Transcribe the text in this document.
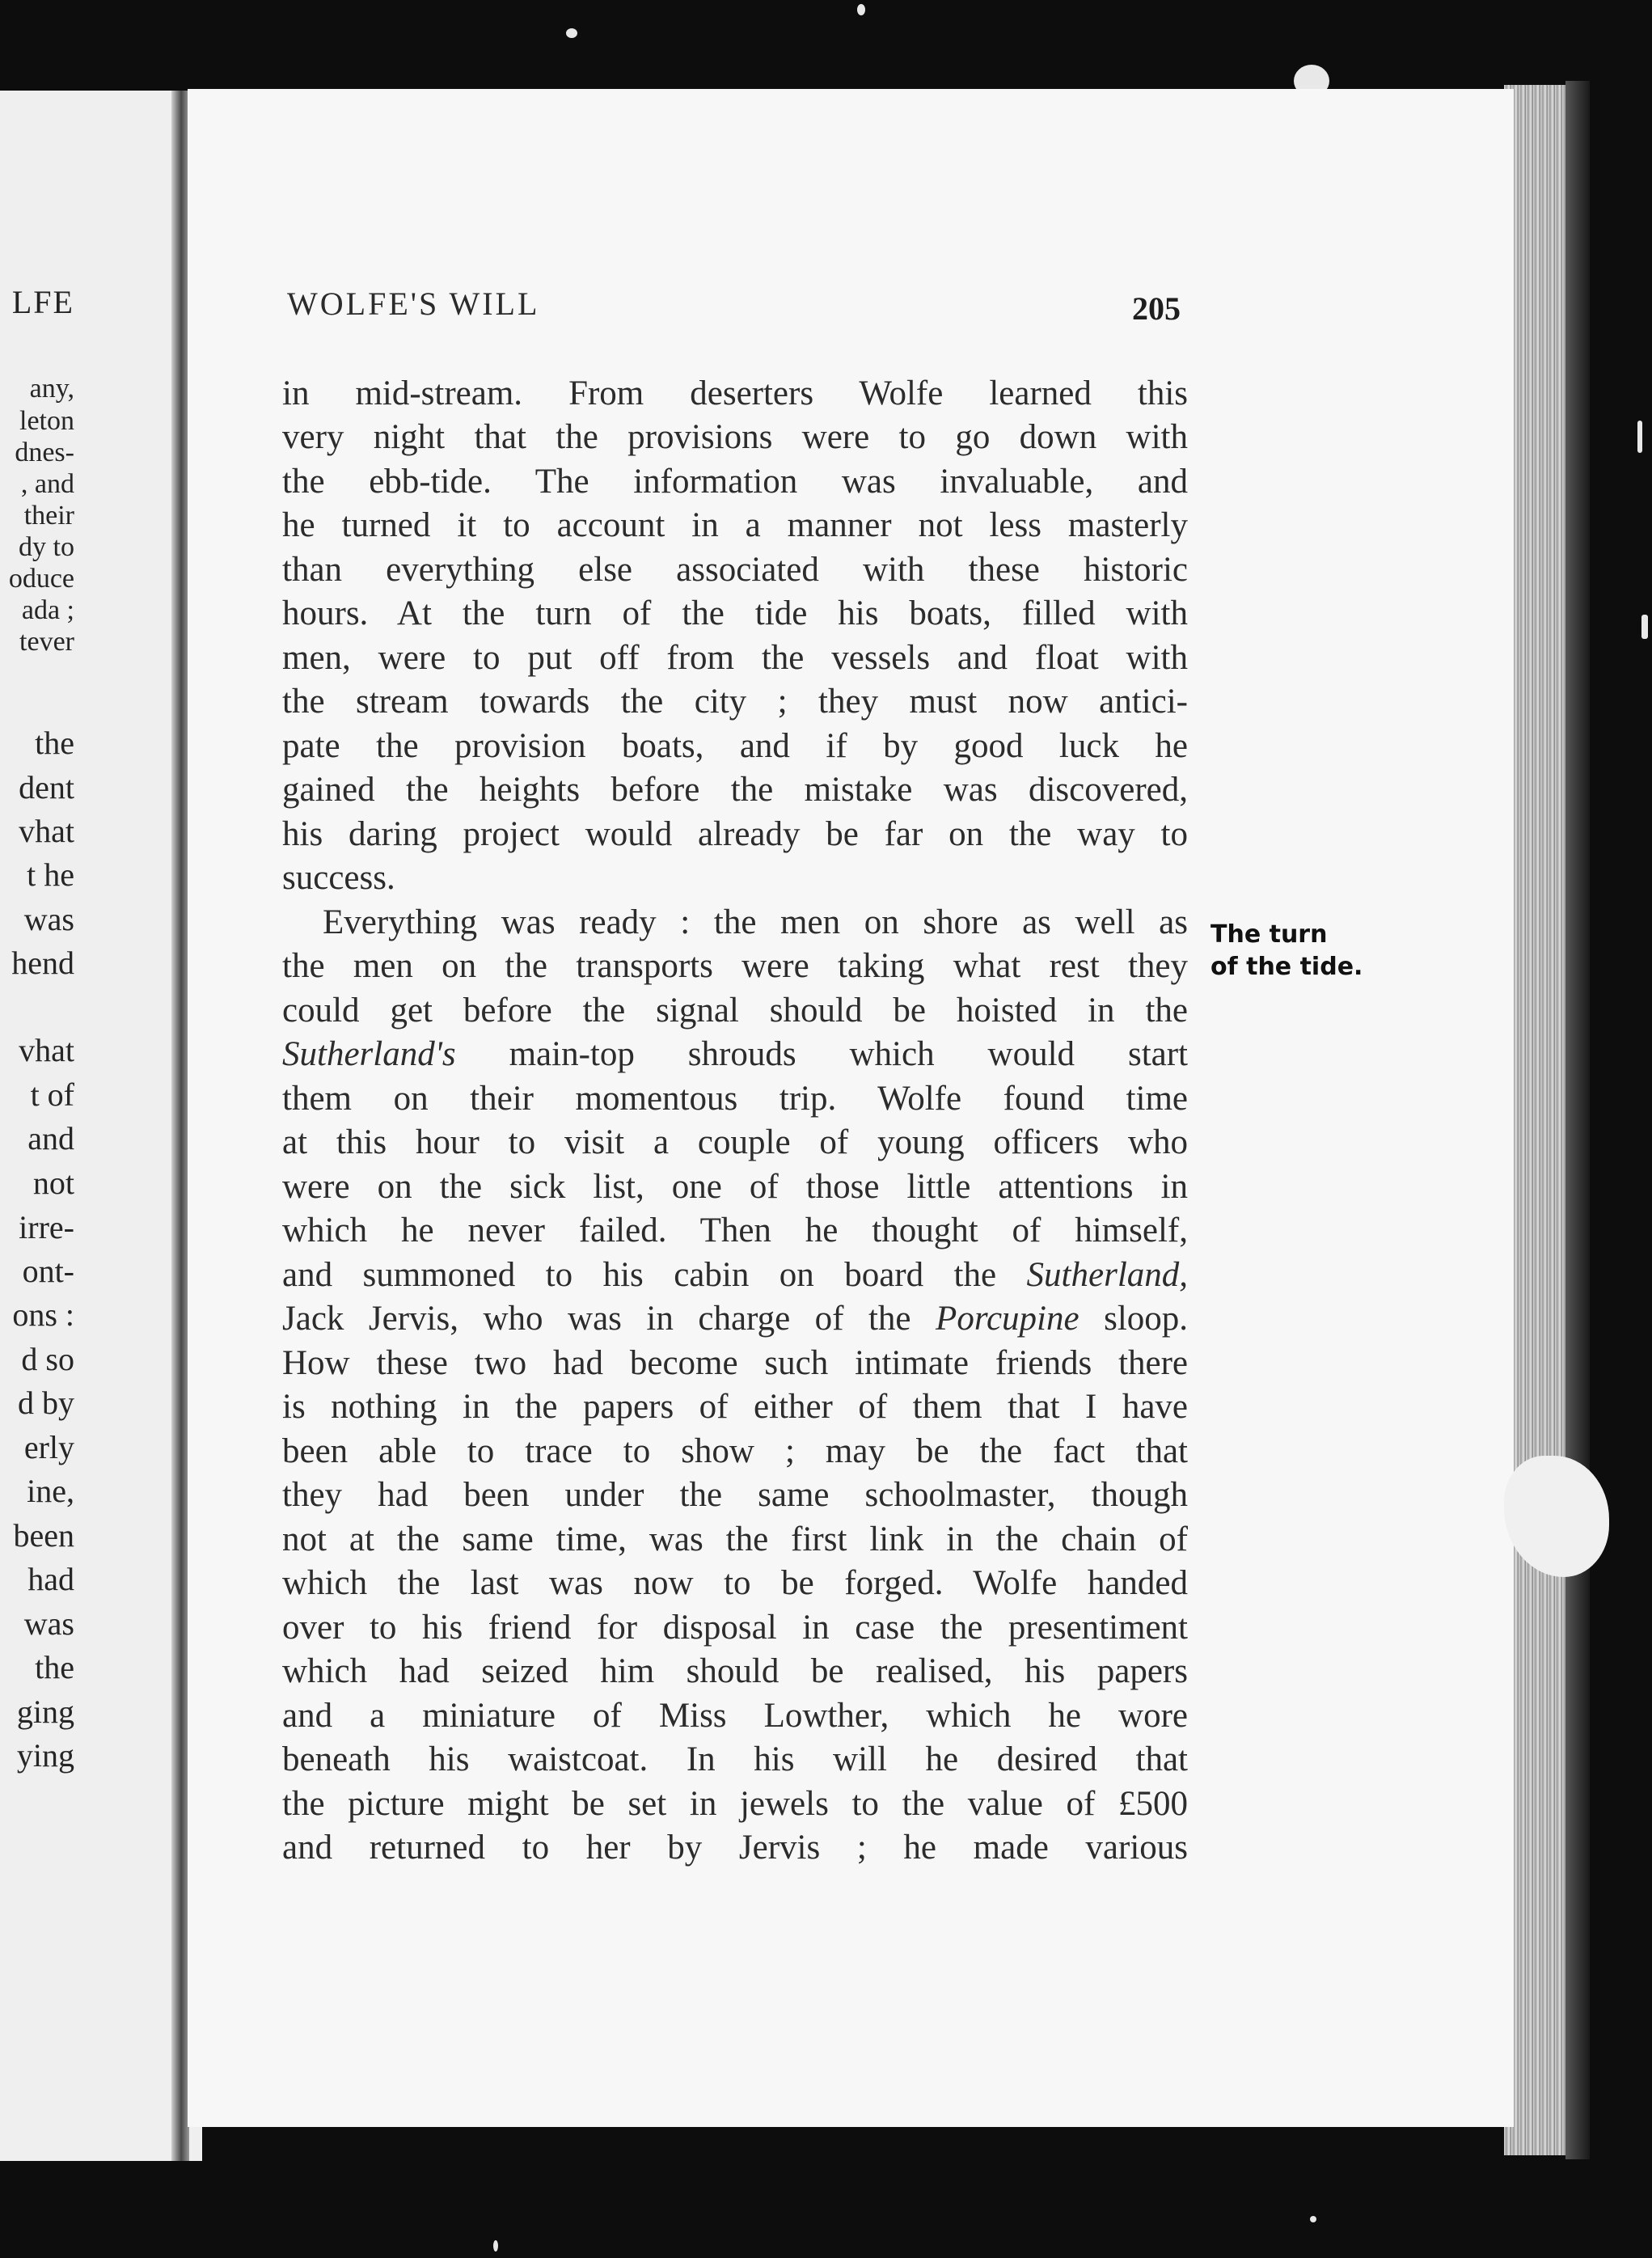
LFE
any,
leton
dnes-
, and
their
dy to
oduce
ada ;
tever
the
dent
vhat
t he
was
hend
vhat
t of
and
not
irre-
ont-
ons :
d so
d by
erly
ine,
been
had
was
the
ging
ying
WOLFE'S WILL	205
in mid-stream. From deserters Wolfe learned this
very night that the provisions were to go down with
the ebb-tide. The information was invaluable, and
he turned it to account in a manner not less masterly
than everything else associated with these historic
hours. At the turn of the tide his boats, filled with
men, were to put off from the vessels and float with
the stream towards the city ; they must now antici-
pate the provision boats, and if by good luck he
gained the heights before the mistake was discovered,
his daring project would already be far on the way to
success.
Everything was ready : the men on shore as well as
the men on the transports were taking what rest they
could get before the signal should be hoisted in the
Sutherland's main-top shrouds which would start
them on their momentous trip. Wolfe found time
at this hour to visit a couple of young officers who
were on the sick list, one of those little attentions in
which he never failed. Then he thought of himself,
and summoned to his cabin on board the Sutherland,
Jack Jervis, who was in charge of the Porcupine sloop.
How these two had become such intimate friends there
is nothing in the papers of either of them that I have
been able to trace to show ; may be the fact that
they had been under the same schoolmaster, though
not at the same time, was the first link in the chain of
which the last was now to be forged. Wolfe handed
over to his friend for disposal in case the presentiment
which had seized him should be realised, his papers
and a miniature of Miss Lowther, which he wore
beneath his waistcoat. In his will he desired that
the picture might be set in jewels to the value of £500
and returned to her by Jervis ; he made various
The turn
of the tide.
